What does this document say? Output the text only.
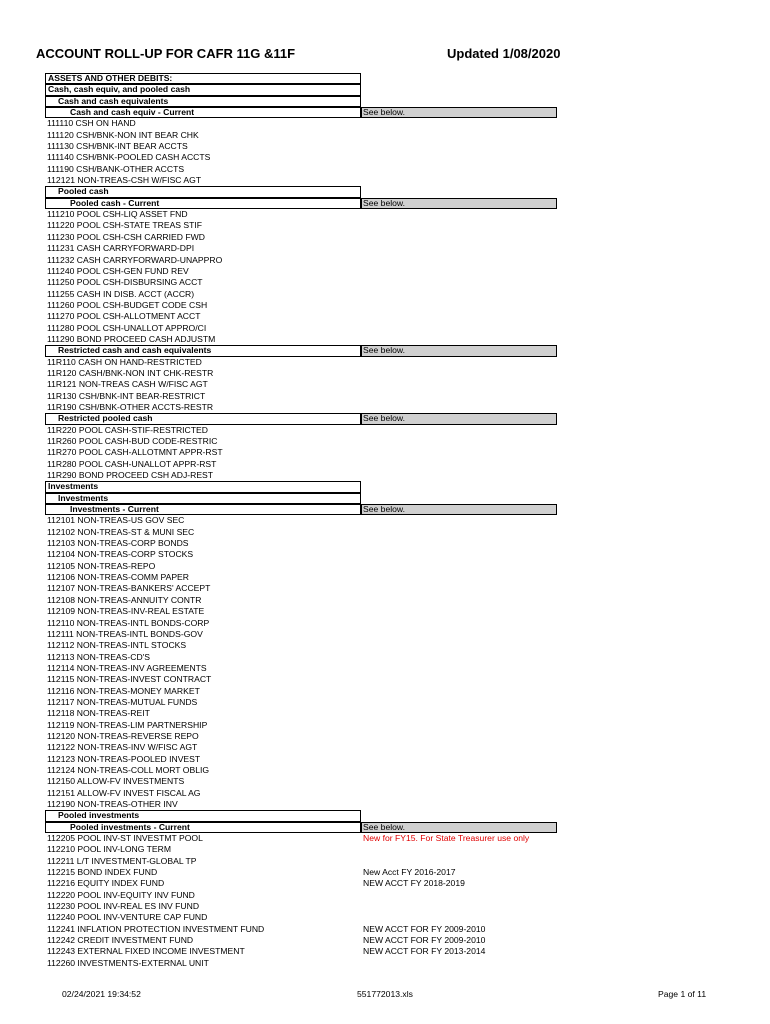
ACCOUNT ROLL-UP FOR CAFR 11G &11F	Updated 1/08/2020
ASSETS AND OTHER DEBITS:
Cash, cash equiv, and pooled cash
Cash and cash equivalents
Cash and cash equiv - Current	See below.
111110 CSH ON HAND
111120 CSH/BNK-NON INT BEAR CHK
111130 CSH/BNK-INT BEAR ACCTS
111140 CSH/BNK-POOLED CASH ACCTS
111190 CSH/BANK-OTHER ACCTS
112121 NON-TREAS-CSH W/FISC AGT
Pooled cash
Pooled cash - Current	See below.
111210 POOL CSH-LIQ ASSET FND
111220 POOL CSH-STATE TREAS STIF
111230 POOL CSH-CSH CARRIED FWD
111231 CASH CARRYFORWARD-DPI
111232 CASH CARRYFORWARD-UNAPPRO
111240 POOL CSH-GEN FUND REV
111250 POOL CSH-DISBURSING ACCT
111255 CASH IN DISB. ACCT (ACCR)
111260 POOL CSH-BUDGET CODE CSH
111270 POOL CSH-ALLOTMENT ACCT
111280 POOL CSH-UNALLOT APPRO/CI
111290 BOND PROCEED CASH ADJUSTM
Restricted cash and cash equivalents	See below.
11R110 CASH ON HAND-RESTRICTED
11R120 CASH/BNK-NON INT CHK-RESTR
11R121 NON-TREAS CASH W/FISC AGT
11R130 CSH/BNK-INT BEAR-RESTRICT
11R190 CSH/BNK-OTHER ACCTS-RESTR
Restricted pooled cash	See below.
11R220 POOL CASH-STIF-RESTRICTED
11R260 POOL CASH-BUD CODE-RESTRIC
11R270 POOL CASH-ALLOTMNT APPR-RST
11R280 POOL CASH-UNALLOT APPR-RST
11R290 BOND PROCEED CSH ADJ-REST
Investments
Investments
Investments - Current	See below.
112101 NON-TREAS-US GOV SEC
112102 NON-TREAS-ST & MUNI SEC
112103 NON-TREAS-CORP BONDS
112104 NON-TREAS-CORP STOCKS
112105 NON-TREAS-REPO
112106 NON-TREAS-COMM PAPER
112107 NON-TREAS-BANKERS' ACCEPT
112108 NON-TREAS-ANNUITY CONTR
112109 NON-TREAS-INV-REAL ESTATE
112110 NON-TREAS-INTL BONDS-CORP
112111 NON-TREAS-INTL BONDS-GOV
112112 NON-TREAS-INTL STOCKS
112113 NON-TREAS-CD'S
112114 NON-TREAS-INV AGREEMENTS
112115 NON-TREAS-INVEST CONTRACT
112116 NON-TREAS-MONEY MARKET
112117 NON-TREAS-MUTUAL FUNDS
112118 NON-TREAS-REIT
112119 NON-TREAS-LIM PARTNERSHIP
112120 NON-TREAS-REVERSE REPO
112122 NON-TREAS-INV W/FISC AGT
112123 NON-TREAS-POOLED INVEST
112124 NON-TREAS-COLL MORT OBLIG
112150 ALLOW-FV INVESTMENTS
112151 ALLOW-FV INVEST FISCAL AG
112190 NON-TREAS-OTHER INV
Pooled investments
Pooled investments - Current	See below.
112205 POOL INV-ST INVESTMT POOL	New for FY15. For State Treasurer use only
112210 POOL INV-LONG TERM
112211 L/T INVESTMENT-GLOBAL TP
112215 BOND INDEX FUND	New Acct FY 2016-2017
112216 EQUITY INDEX FUND	NEW ACCT FY 2018-2019
112220 POOL INV-EQUITY INV FUND
112230 POOL INV-REAL ES INV FUND
112240 POOL INV-VENTURE CAP FUND
112241 INFLATION PROTECTION INVESTMENT FUND	NEW ACCT FOR FY 2009-2010
112242 CREDIT INVESTMENT FUND	NEW ACCT FOR FY 2009-2010
112243 EXTERNAL FIXED INCOME INVESTMENT	NEW ACCT FOR FY 2013-2014
112260 INVESTMENTS-EXTERNAL UNIT
02/24/2021 19:34:52	551772013.xls	Page 1 of 11
